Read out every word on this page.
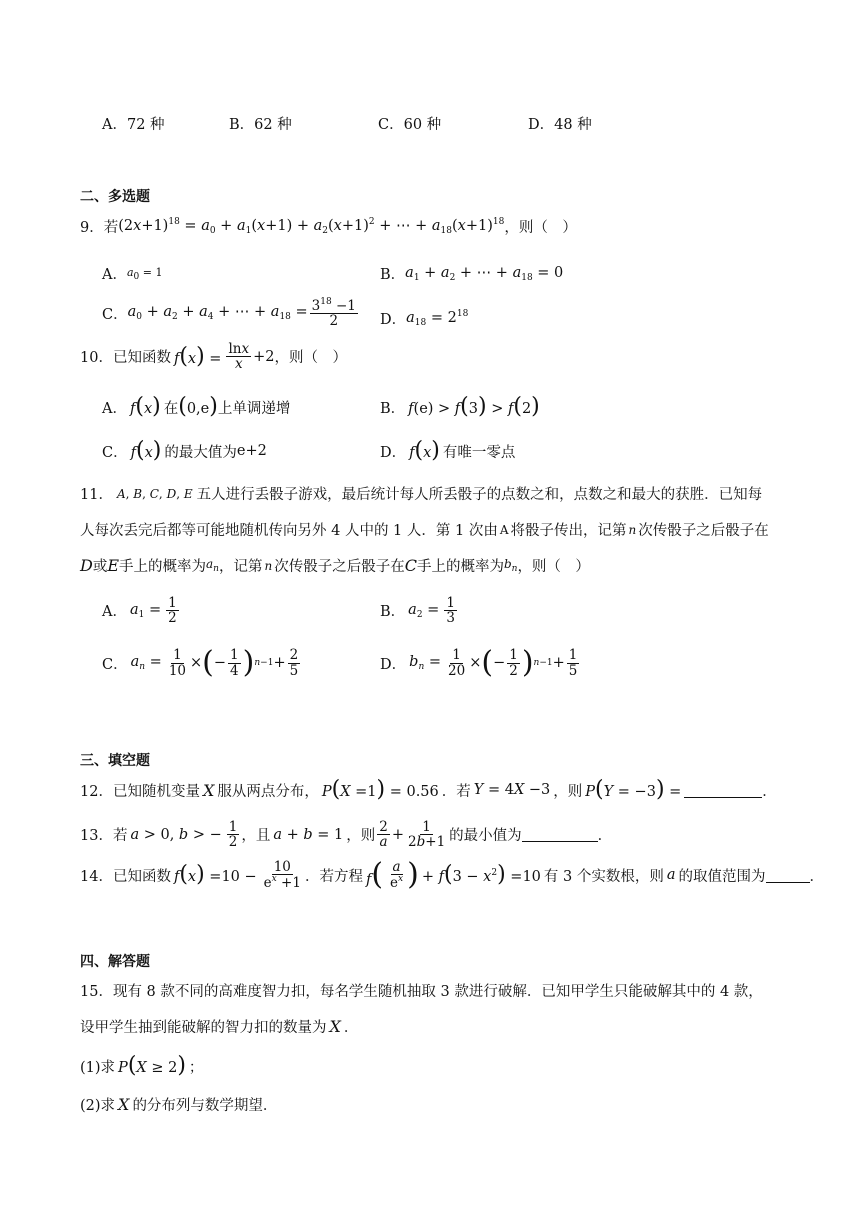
A．72 种	B．62 种	C．60 种	D．48 种
二、多选题
9． 若 $(2x+1)^{18} = a_0 + a_1(x+1) + a_2(x+1)^2$ + ⋯ + $a_{18}(x+1)^{18}$ ，则（　）
A． $a_0 = 1$	B． $a_1 + a_2$ + ⋯ + $a_{18} = 0$
C． $a_0 + a_2 + a_4$ + ⋯ + $a_{18} = \frac{3^{18} -1}{2}$ D． $a_{18} = 2^{18}$
10． 已知函数 $f(x) = \frac{\ln x}{x} +2$ ，则（　）
A． f(x) 在 (0,e) 上单调递增	B． f(e) > f(3) > f(2)
C． f(x) 的最大值为 e+2	D． f(x) 有唯一零点
11． A, B, C, D, E 五人进行丢骰子游戏，最后统计每人所丢骰子的点数之和，点数之和最大的获胜．已知每
人每次丢完后都等可能地随机传向另外 4 人中的 1 人．第 1 次由 A 将骰子传出，记第 n 次传骰子之后骰子在
D 或 E 手上的概率为 $a_n$ ，记第 n 次传骰子之后骰子在 C 手上的概率为 $b_n$ ，则（　）
A． $a_1 = \frac{1}{2}$	B． $a_2 = \frac{1}{3}$
C． $a_n = \frac{1}{10}$ × ( − $\frac{1}{4}$ ) $n-1 + \frac{2}{5}$	D． $b_n = \frac{1}{20}$ × ( − $\frac{1}{2}$ ) $n-1 + \frac{1}{5}$
三、填空题
12． 已知随机变量 X 服从两点分布， P(X =1) = 0.56 ．若 Y = 4X −3 ，则 P(Y = −3) =	．
13． 若 a > 0, b > − $\frac{1}{2}$ ，且 a + b = 1 ，则 $\frac{2}{a} + \frac{1}{2b+1}$ 的最小值为	．
14． 已知函数 $f(x) =10 - \frac{10}{e^x +1}$ ．若方程 $f( \frac{a}{e^x}$ ) + $f(3 - x^2) =10$ 有 3 个实数根，则 a 的取值范围为	．
四、解答题
15．现有 8 款不同的高难度智力扣，每名学生随机抽取 3 款进行破解．已知甲学生只能破解其中的 4 款，
设甲学生抽到能破解的智力扣的数量为 X ．
(1)求 P(X ≥ 2) ；
(2)求 X 的分布列与数学期望．
